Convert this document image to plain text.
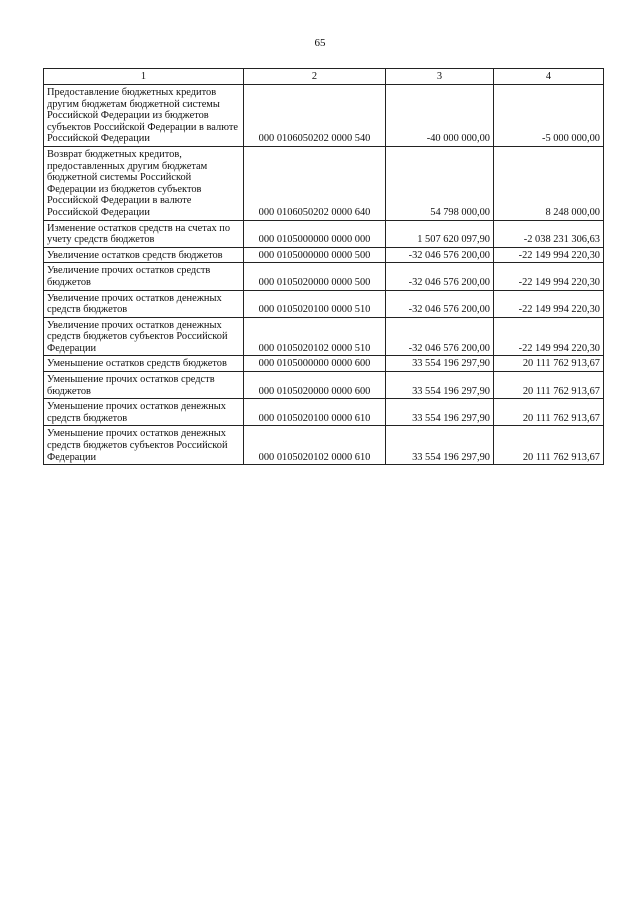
65
1	2	3	4
Предоставление бюджетных кредитов другим бюджетам бюджетной системы Российской Федерации из бюджетов субъектов Российской Федерации в валюте Российской Федерации	000 0106050202 0000 540	-40 000 000,00	-5 000 000,00
Возврат бюджетных кредитов, предоставленных другим бюджетам бюджетной системы Российской Федерации из бюджетов субъектов Российской Федерации в валюте Российской Федерации	000 0106050202 0000 640	54 798 000,00	8 248 000,00
Изменение остатков средств на счетах по учету средств бюджетов	000 0105000000 0000 000	1 507 620 097,90	-2 038 231 306,63
Увеличение остатков средств бюджетов	000 0105000000 0000 500	-32 046 576 200,00	-22 149 994 220,30
Увеличение прочих остатков средств бюджетов	000 0105020000 0000 500	-32 046 576 200,00	-22 149 994 220,30
Увеличение прочих остатков денежных средств бюджетов	000 0105020100 0000 510	-32 046 576 200,00	-22 149 994 220,30
Увеличение прочих остатков денежных средств бюджетов субъектов Российской Федерации	000 0105020102 0000 510	-32 046 576 200,00	-22 149 994 220,30
Уменьшение остатков средств бюджетов	000 0105000000 0000 600	33 554 196 297,90	20 111 762 913,67
Уменьшение прочих остатков средств бюджетов	000 0105020000 0000 600	33 554 196 297,90	20 111 762 913,67
Уменьшение прочих остатков денежных средств бюджетов	000 0105020100 0000 610	33 554 196 297,90	20 111 762 913,67
Уменьшение прочих остатков денежных средств бюджетов субъектов Российской Федерации	000 0105020102 0000 610	33 554 196 297,90	20 111 762 913,67
